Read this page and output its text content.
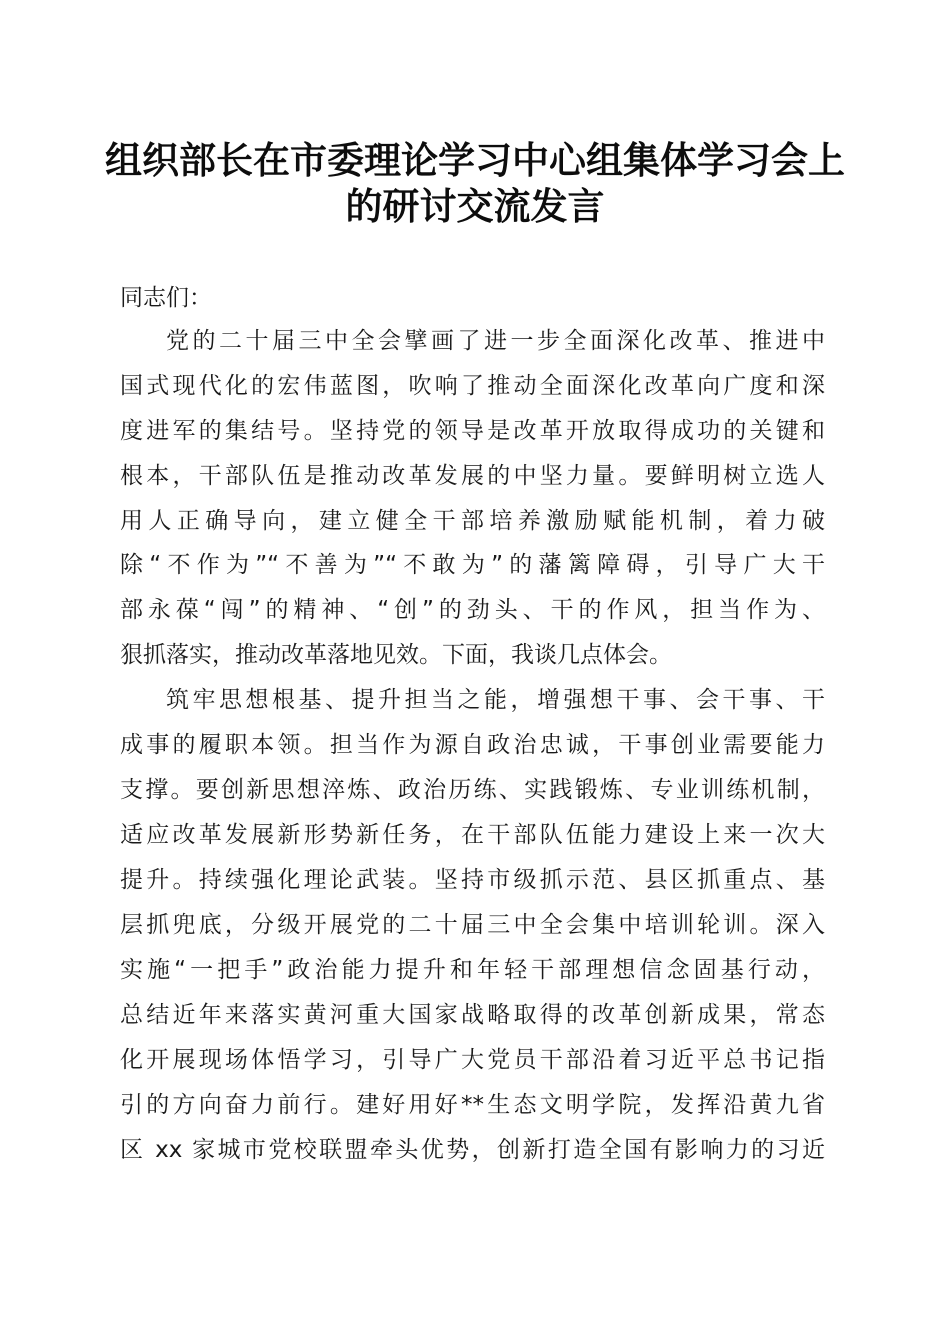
组织部长在市委理论学习中心组集体学习会上
的研讨交流发言
同志们：
党的二十届三中全会擘画了进一步全面深化改革、推进中
国式现代化的宏伟蓝图，吹响了推动全面深化改革向广度和深
度进军的集结号。坚持党的领导是改革开放取得成功的关键和
根本，干部队伍是推动改革发展的中坚力量。要鲜明树立选人
用人正确导向，建立健全干部培养激励赋能机制，着力破
除“不作为”“不善为”“不敢为”的藩篱障碍，引导广大干
部永葆“闯”的精神、“创”的劲头、干的作风，担当作为、
狠抓落实，推动改革落地见效。下面，我谈几点体会。
筑牢思想根基、提升担当之能，增强想干事、会干事、干
成事的履职本领。担当作为源自政治忠诚，干事创业需要能力
支撑。要创新思想淬炼、政治历练、实践锻炼、专业训练机制，
适应改革发展新形势新任务，在干部队伍能力建设上来一次大
提升。持续强化理论武装。坚持市级抓示范、县区抓重点、基
层抓兜底，分级开展党的二十届三中全会集中培训轮训。深入
实施“一把手”政治能力提升和年轻干部理想信念固基行动，
总结近年来落实黄河重大国家战略取得的改革创新成果，常态
化开展现场体悟学习，引导广大党员干部沿着习近平总书记指
引的方向奋力前行。建好用好**生态文明学院，发挥沿黄九省
区 xx 家城市党校联盟牵头优势，创新打造全国有影响力的习近
